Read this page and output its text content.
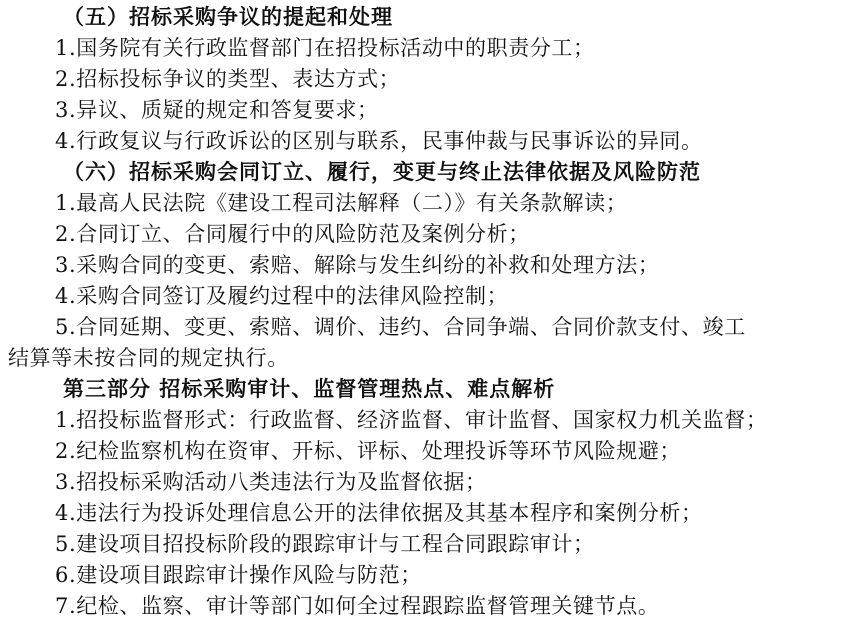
（五）招标采购争议的提起和处理
1.国务院有关行政监督部门在招投标活动中的职责分工；
2.招标投标争议的类型、表达方式；
3.异议、质疑的规定和答复要求；
4.行政复议与行政诉讼的区别与联系，民事仲裁与民事诉讼的异同。
（六）招标采购会同订立、履行，变更与终止法律依据及风险防范
1.最高人民法院《建设工程司法解释（二）》有关条款解读；
2.合同订立、合同履行中的风险防范及案例分析；
3.采购合同的变更、索赔、解除与发生纠纷的补救和处理方法；
4.采购合同签订及履约过程中的法律风险控制；
5.合同延期、变更、索赔、调价、违约、合同争端、合同价款支付、竣工
结算等未按合同的规定执行。
第三部分 招标采购审计、监督管理热点、难点解析
1.招投标监督形式：行政监督、经济监督、审计监督、国家权力机关监督；
2.纪检监察机构在资审、开标、评标、处理投诉等环节风险规避；
3.招投标采购活动八类违法行为及监督依据；
4.违法行为投诉处理信息公开的法律依据及其基本程序和案例分析；
5.建设项目招投标阶段的跟踪审计与工程合同跟踪审计；
6.建设项目跟踪审计操作风险与防范；
7.纪检、监察、审计等部门如何全过程跟踪监督管理关键节点。
